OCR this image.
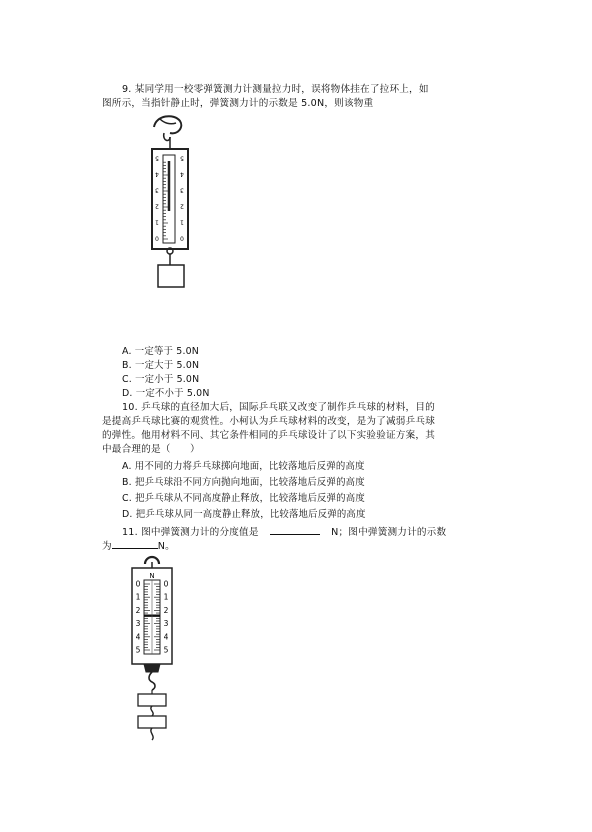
9. 某同学用一校零弹簧测力计测量拉力时，误将物体挂在了拉环上，如
图所示，当指针静止时，弹簧测力计的示数是 5.0N，则该物重
0	0
1	1
2	2
3	3
4	4
5	5
A. 一定等于 5.0N
B. 一定大于 5.0N
C. 一定小于 5.0N
D. 一定不小于 5.0N
10. 乒乓球的直径加大后，国际乒乓联又改变了制作乒乓球的材料，目的
是提高乒乓球比赛的观赏性。小柯认为乒乓球材料的改变，是为了减弱乒乓球
的弹性。他用材料不同、其它条件相同的乒乓球设计了以下实验验证方案，其
中最合理的是（　　）
A. 用不同的力将乒乓球掷向地面，比较落地后反弹的高度
B. 把乒乓球沿不同方向抛向地面，比较落地后反弹的高度
C. 把乒乓球从不同高度静止释放，比较落地后反弹的高度
D. 把乒乓球从同一高度静止释放，比较落地后反弹的高度
11. 图中弹簧测力计的分度值是	N；图中弹簧测力计的示数
为	N。
N
0	0
1	1
2	2
3	3
4	4
5	5
